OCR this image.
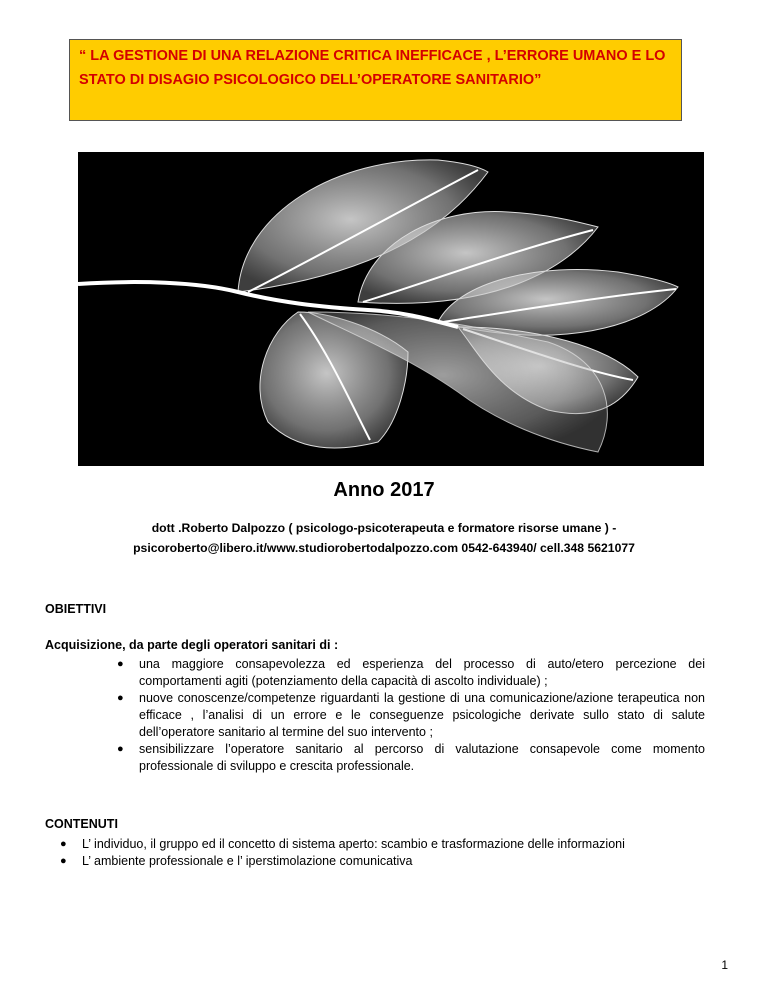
“ LA GESTIONE DI UNA RELAZIONE CRITICA INEFFICACE , L’ERRORE UMANO E LO

STATO DI DISAGIO PSICOLOGICO DELL’OPERATORE SANITARIO”

Anno 2017

dott .Roberto Dalpozzo ( psicologo-psicoterapeuta e formatore risorse umane ) -

psicoroberto@libero.it/www.studiorobertodalpozzo.com 0542-643940/ cell.348 5621077

OBIETTIVI
Acquisizione, da parte degli operatori sanitari di :
● una maggiore consapevolezza ed esperienza del processo di auto/etero percezione dei comportamenti agiti (potenziamento della capacità di ascolto individuale) ;
● nuove conoscenze/competenze riguardanti la gestione di una comunicazione/azione terapeutica non efficace , l’analisi di un errore e le conseguenze psicologiche derivate sullo stato di salute dell’operatore sanitario al termine del suo intervento ;
● sensibilizzare l’operatore sanitario al percorso di valutazione consapevole come momento professionale di sviluppo e crescita professionale.
CONTENUTI
● L’ individuo, il gruppo ed il concetto di sistema aperto: scambio e trasformazione delle informazioni
● L’ ambiente professionale e l’ iperstimolazione comunicativa
1
